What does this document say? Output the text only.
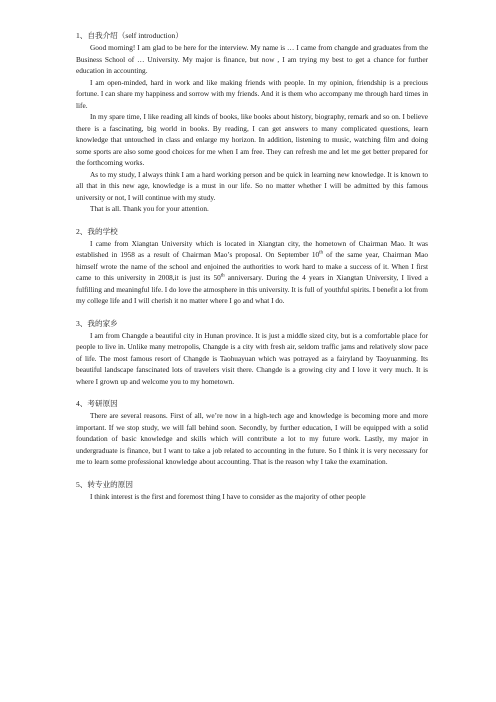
1、自我介绍（self introduction）

Good morning! I am glad to be here for the interview. My name is … I came from changde and graduates from the Business School of … University. My major is finance, but now , I am trying my best to get a chance for further education in accounting.

I am open-minded, hard in work and like making friends with people. In my opinion, friendship is a precious fortune. I can share my happiness and sorrow with my friends. And it is them who accompany me through hard times in life.

In my spare time, I like reading all kinds of books, like books about history, biography, remark and so on. I believe there is a fascinating, big world in books. By reading, I can get answers to many complicated questions, learn knowledge that untouched in class and enlarge my horizon. In addition, listening to music, watching film and doing some sports are also some good choices for me when I am free. They can refresh me and let me get better prepared for the forthcoming works.

As to my study, I always think I am a hard working person and be quick in learning new knowledge. It is known to all that in this new age, knowledge is a must in our life. So no matter whether I will be admitted by this famous university or not, I will continue with my study.

That is all. Thank you for your attention.

2、我的学校

I came from Xiangtan University which is located in Xiangtan city, the hometown of Chairman Mao. It was established in 1958 as a result of Chairman Mao’s proposal. On September 10th of the same year, Chairman Mao himself wrote the name of the school and enjoined the authorities to work hard to make a success of it. When I first came to this university in 2008,it is just its 50th anniversary. During the 4 years in Xiangtan University, I lived a fulfilling and meaningful life. I do love the atmosphere in this university. It is full of youthful spirits. I benefit a lot from my college life and I will cherish it no matter where I go and what I do.

3、我的家乡

I am from Changde a beautiful city in Hunan province. It is just a middle sized city, but is a comfortable place for people to live in. Unlike many metropolis, Changde is a city with fresh air, seldom traffic jams and relatively slow pace of life. The most famous resort of Changde is Taohuayuan which was potrayed as a fairyland by Taoyuanming. Its beautiful landscape fanscinated lots of travelers visit there. Changde is a growing city and I love it very much. It is where I grown up and welcome you to my hometown.

4、考研原因

There are several reasons. First of all, we’re now in a high-tech age and knowledge is becoming more and more important. If we stop study, we will fall behind soon. Secondly, by further education, I will be equipped with a solid foundation of basic knowledge and skills which will contribute a lot to my future work. Lastly, my major in undergraduate is finance, but I want to take a job related to accounting in the future. So I think it is very necessary for me to learn some professional knowledge about accounting. That is the reason why I take the examination.

5、转专业的原因

I think interest is the first and foremost thing I have to consider as the majority of other people
